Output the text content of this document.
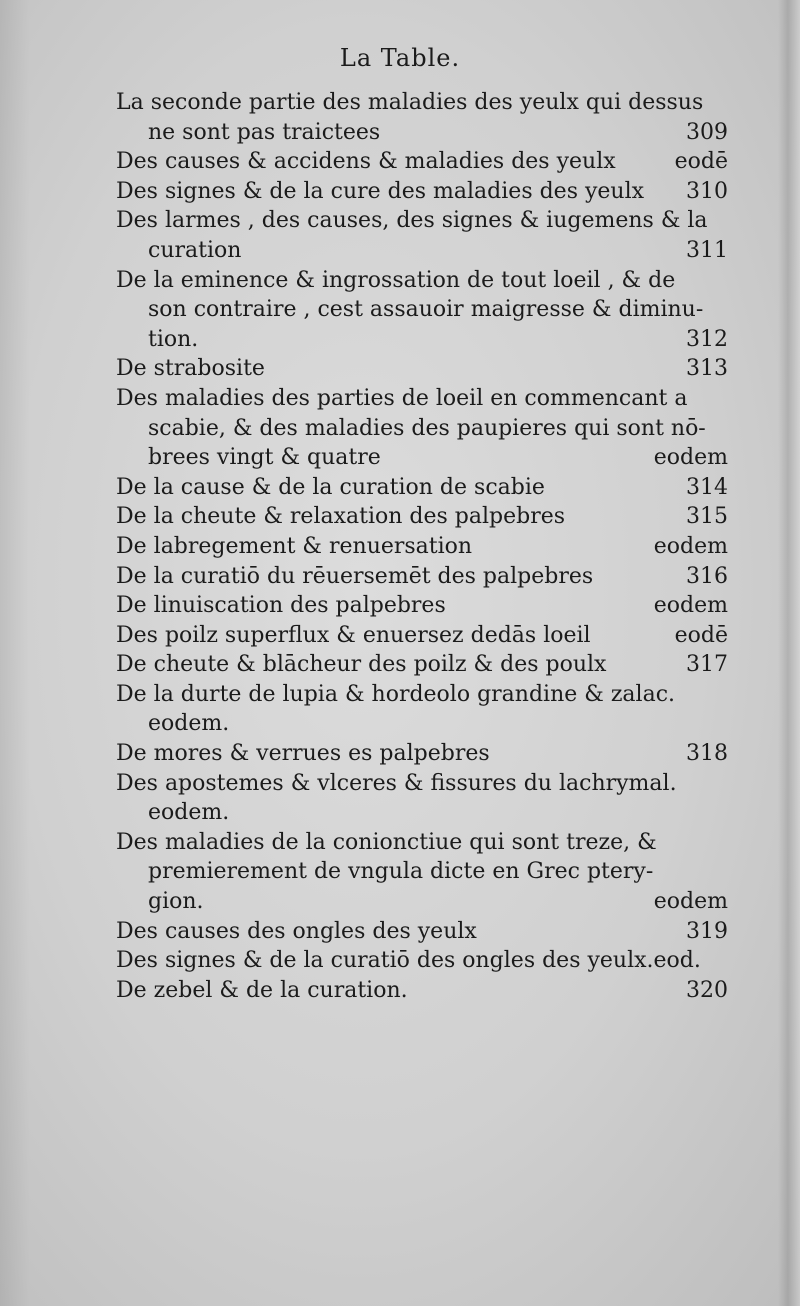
La Table.
La seconde partie des maladies des yeulx qui dessus
ne sont pas traictees	309
Des causes & accidens & maladies des yeulx	eodē
Des signes & de la cure des maladies des yeulx 310
Des larmes , des causes, des signes & iugemens & la
curation	311
De la eminence & ingrossation de tout loeil , & de
son contraire , cest assauoir maigresse & diminu-
tion.	312
De strabosite	313
Des maladies des parties de loeil en commencant a
scabie, & des maladies des paupieres qui sont nō-
brees vingt & quatre	eodem
De la cause & de la curation de scabie	314
De la cheute & relaxation des palpebres	315
De labregement & renuersation	eodem
De la curatiō du rēuersemēt des palpebres	316
De linuiscation des palpebres	eodem
Des poilz superflux & enuersez dedās loeil	eodē
De cheute & blācheur des poilz & des poulx	317
De la durte de lupia & hordeolo grandine & zalac.
eodem.
De mores & verrues es palpebres	318
Des apostemes & vlceres & fissures du lachrymal.
eodem.
Des maladies de la conionctiue qui sont treze, &
premierement de vngula dicte en Grec ptery-
gion.	eodem
Des causes des ongles des yeulx	319
Des signes & de la curatiō des ongles des yeulx.eod.
De zebel & de la curation.	320
